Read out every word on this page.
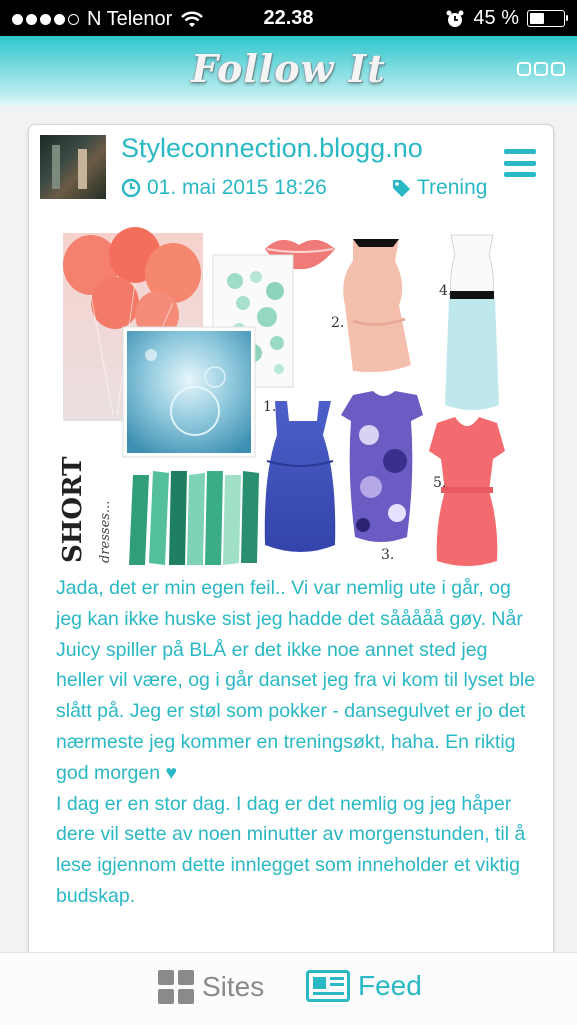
N Telenor	22.38	45 %
Follow It
Styleconnection.blogg.no
01. mai 2015 18:26	Trening
SHORT dresses...
2.
4.
1.
3.
5.

Jada, det er min egen feil.. Vi var nemlig ute i går, og jeg kan ikke huske sist jeg hadde det sååååå gøy. Når Juicy spiller på BLÅ er det ikke noe annet sted jeg heller vil være, og i går danset jeg fra vi kom til lyset ble slått på. Jeg er støl som pokker - dansegulvet er jo det nærmeste jeg kommer en treningsøkt, haha. En riktig god morgen ♥

I dag er en stor dag. I dag er det nemlig og jeg håper dere vil sette av noen minutter av morgenstunden, til å lese igjennom dette innlegget som inneholder et viktig budskap.

Sites	Feed
